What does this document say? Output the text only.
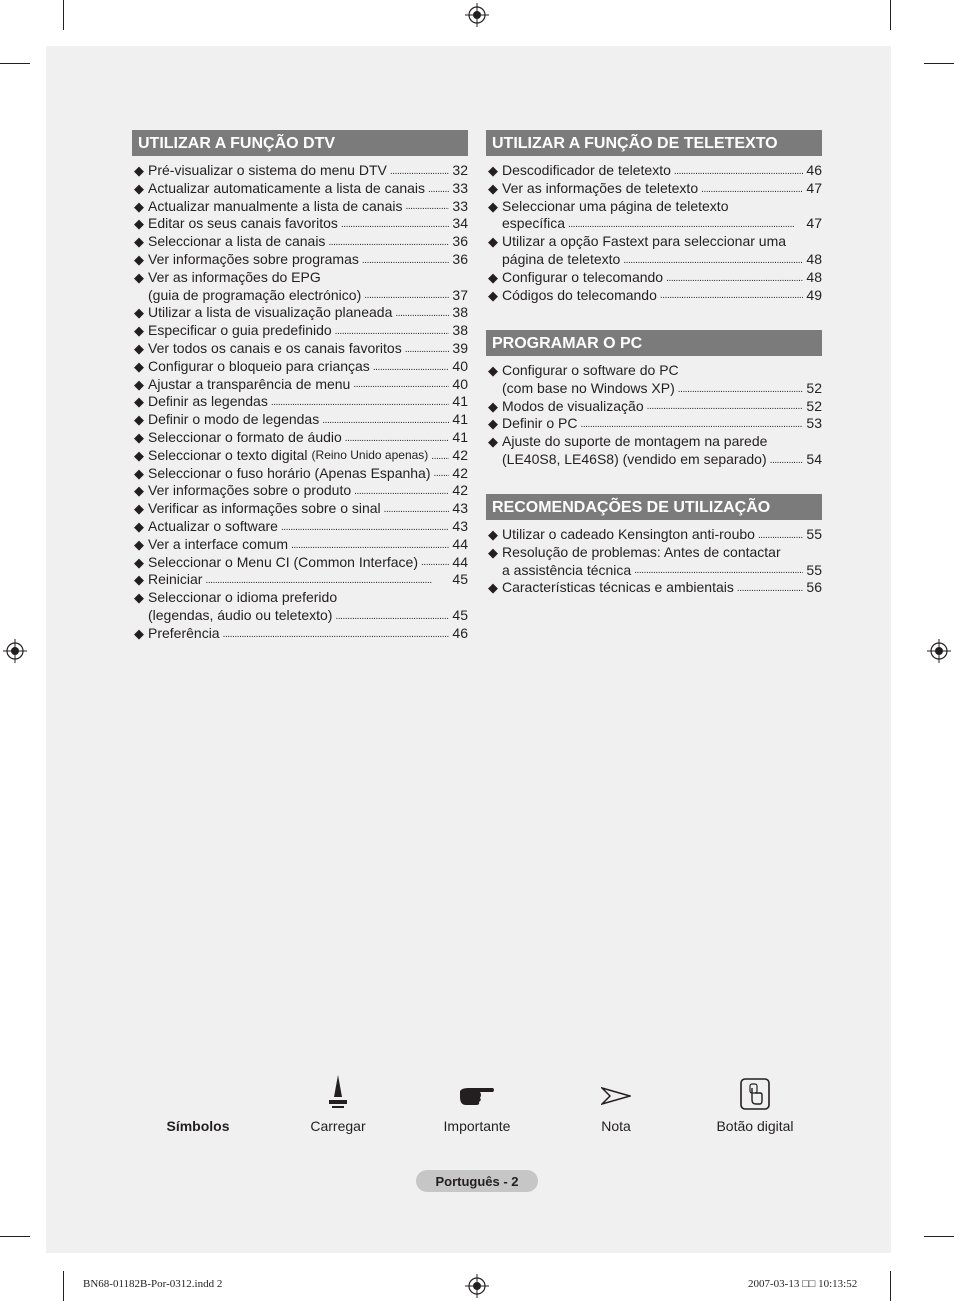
UTILIZAR A FUNÇÃO DTV
◆ Pré-visualizar o sistema do menu DTV . . .	32
◆ Actualizar automaticamente a lista de canais . . . 33
◆ Actualizar manualmente a lista de canais . . .	33
◆ Editar os seus canais favoritos . . .	34
◆ Seleccionar a lista de canais . . .	36
◆ Ver informações sobre programas . . .	36
◆ Ver as informações do EPG
(guia de programação electrónico) . . .	37
◆ Utilizar a lista de visualização planeada . . .	38
◆ Especificar o guia predefinido . . .	38
◆ Ver todos os canais e os canais favoritos . . .	39
◆ Configurar o bloqueio para crianças . . .	40
◆ Ajustar a transparência de menu . . .	40
◆ Definir as legendas . . .	41
◆ Definir o modo de legendas . . .	41
◆ Seleccionar o formato de áudio . . .	41
◆ Seleccionar o texto digital (Reino Unido apenas) . . . 42
◆ Seleccionar o fuso horário (Apenas Espanha) . . . 42
◆ Ver informações sobre o produto . . .	42
◆ Verificar as informações sobre o sinal . . .	43
◆ Actualizar o software . . .	43
◆ Ver a interface comum . . .	44
◆ Seleccionar o Menu CI (Common Interface) . . . 44
◆ Reiniciar . . .	45
◆ Seleccionar o idioma preferido
(legendas, áudio ou teletexto) . . .	45
◆ Preferência . . .	46
UTILIZAR A FUNÇÃO DE TELETEXTO
◆ Descodificador de teletexto . . .	46
◆ Ver as informações de teletexto . . .	47
◆ Seleccionar uma página de teletexto
específica . . .	47
◆ Utilizar a opção Fastext para seleccionar uma
página de teletexto . . .	48
◆ Configurar o telecomando . . .	48
◆ Códigos do telecomando . . .	49
PROGRAMAR O PC
◆ Configurar o software do PC
(com base no Windows XP) . . .	52
◆ Modos de visualização . . .	52
◆ Definir o PC . . .	53
◆ Ajuste do suporte de montagem na parede
(LE40S8, LE46S8) (vendido em separado) . . .	54
RECOMENDAÇÕES DE UTILIZAÇÃO
◆ Utilizar o cadeado Kensington anti-roubo . . .	55
◆ Resolução de problemas: Antes de contactar
a assistência técnica . . .	55
◆ Características técnicas e ambientais . . .	56
Símbolos	Carregar	Importante	Nota	Botão digital
Português - 2
BN68-01182B-Por-0312.indd 2	2007-03-13 □□ 10:13:52
